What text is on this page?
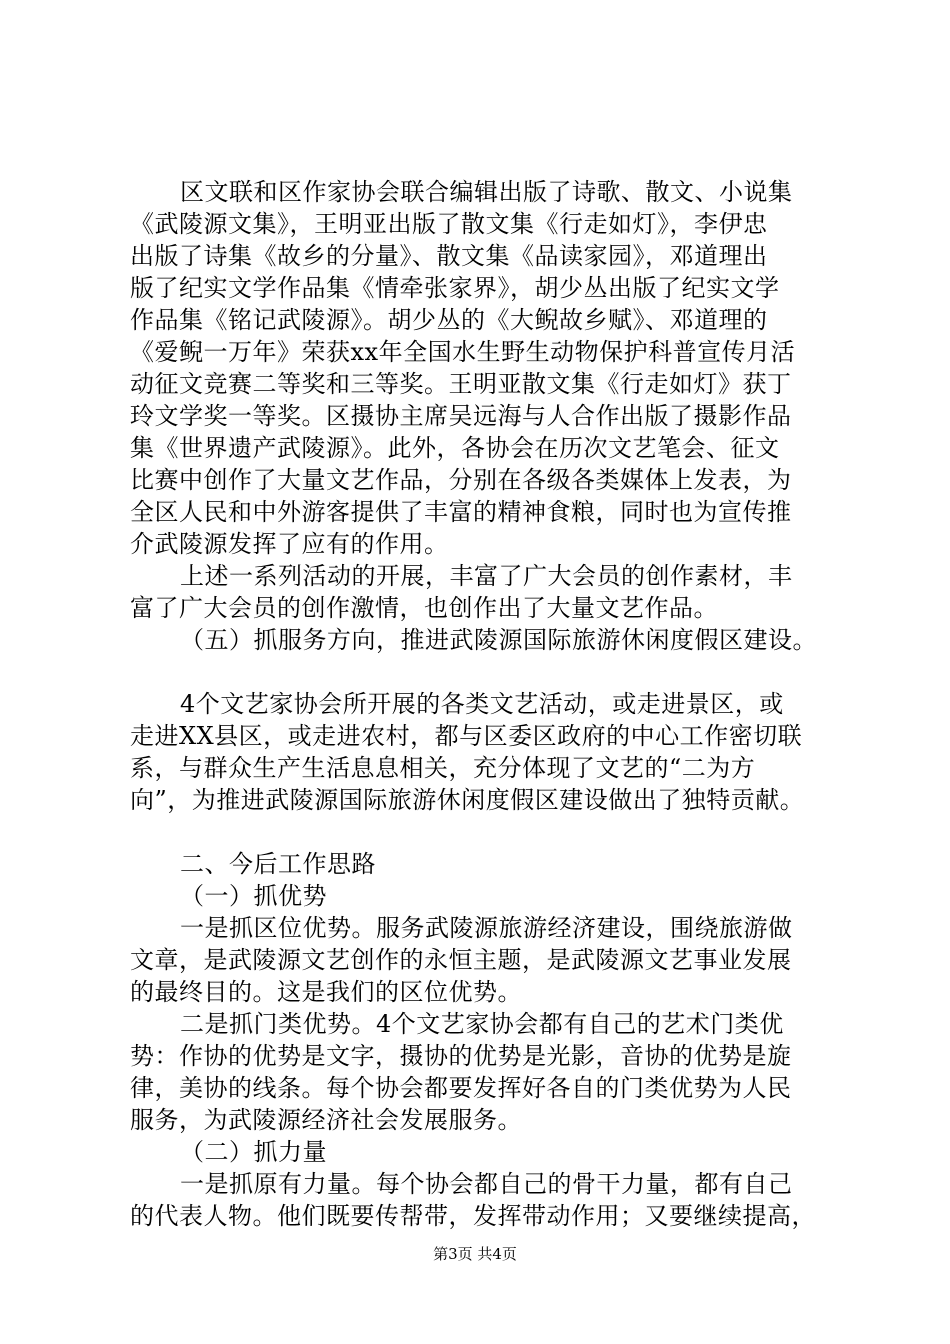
区文联和区作家协会联合编辑出版了诗歌、散文、小说集
《武陵源文集》，王明亚出版了散文集《行走如灯》，李伊忠
出版了诗集《故乡的分量》、散文集《品读家园》，邓道理出
版了纪实文学作品集《情牵张家界》，胡少丛出版了纪实文学
作品集《铭记武陵源》。胡少丛的《大鲵故乡赋》、邓道理的
《爱鲵一万年》荣获xx年全国水生野生动物保护科普宣传月活
动征文竞赛二等奖和三等奖。王明亚散文集《行走如灯》获丁
玲文学奖一等奖。区摄协主席吴远海与人合作出版了摄影作品
集《世界遗产武陵源》。此外，各协会在历次文艺笔会、征文
比赛中创作了大量文艺作品，分别在各级各类媒体上发表，为
全区人民和中外游客提供了丰富的精神食粮，同时也为宣传推
介武陵源发挥了应有的作用。
上述一系列活动的开展，丰富了广大会员的创作素材，丰
富了广大会员的创作激情，也创作出了大量文艺作品。
（五）抓服务方向，推进武陵源国际旅游休闲度假区建设。
4个文艺家协会所开展的各类文艺活动，或走进景区，或
走进XX县区，或走进农村，都与区委区政府的中心工作密切联
系，与群众生产生活息息相关，充分体现了文艺的“二为方
向”，为推进武陵源国际旅游休闲度假区建设做出了独特贡献。
二、今后工作思路
（一）抓优势
一是抓区位优势。服务武陵源旅游经济建设，围绕旅游做
文章，是武陵源文艺创作的永恒主题，是武陵源文艺事业发展
的最终目的。这是我们的区位优势。
二是抓门类优势。4个文艺家协会都有自己的艺术门类优
势：作协的优势是文字，摄协的优势是光影，音协的优势是旋
律，美协的线条。每个协会都要发挥好各自的门类优势为人民
服务，为武陵源经济社会发展服务。
（二）抓力量
一是抓原有力量。每个协会都自己的骨干力量，都有自己
的代表人物。他们既要传帮带，发挥带动作用；又要继续提高，
第3页 共4页
